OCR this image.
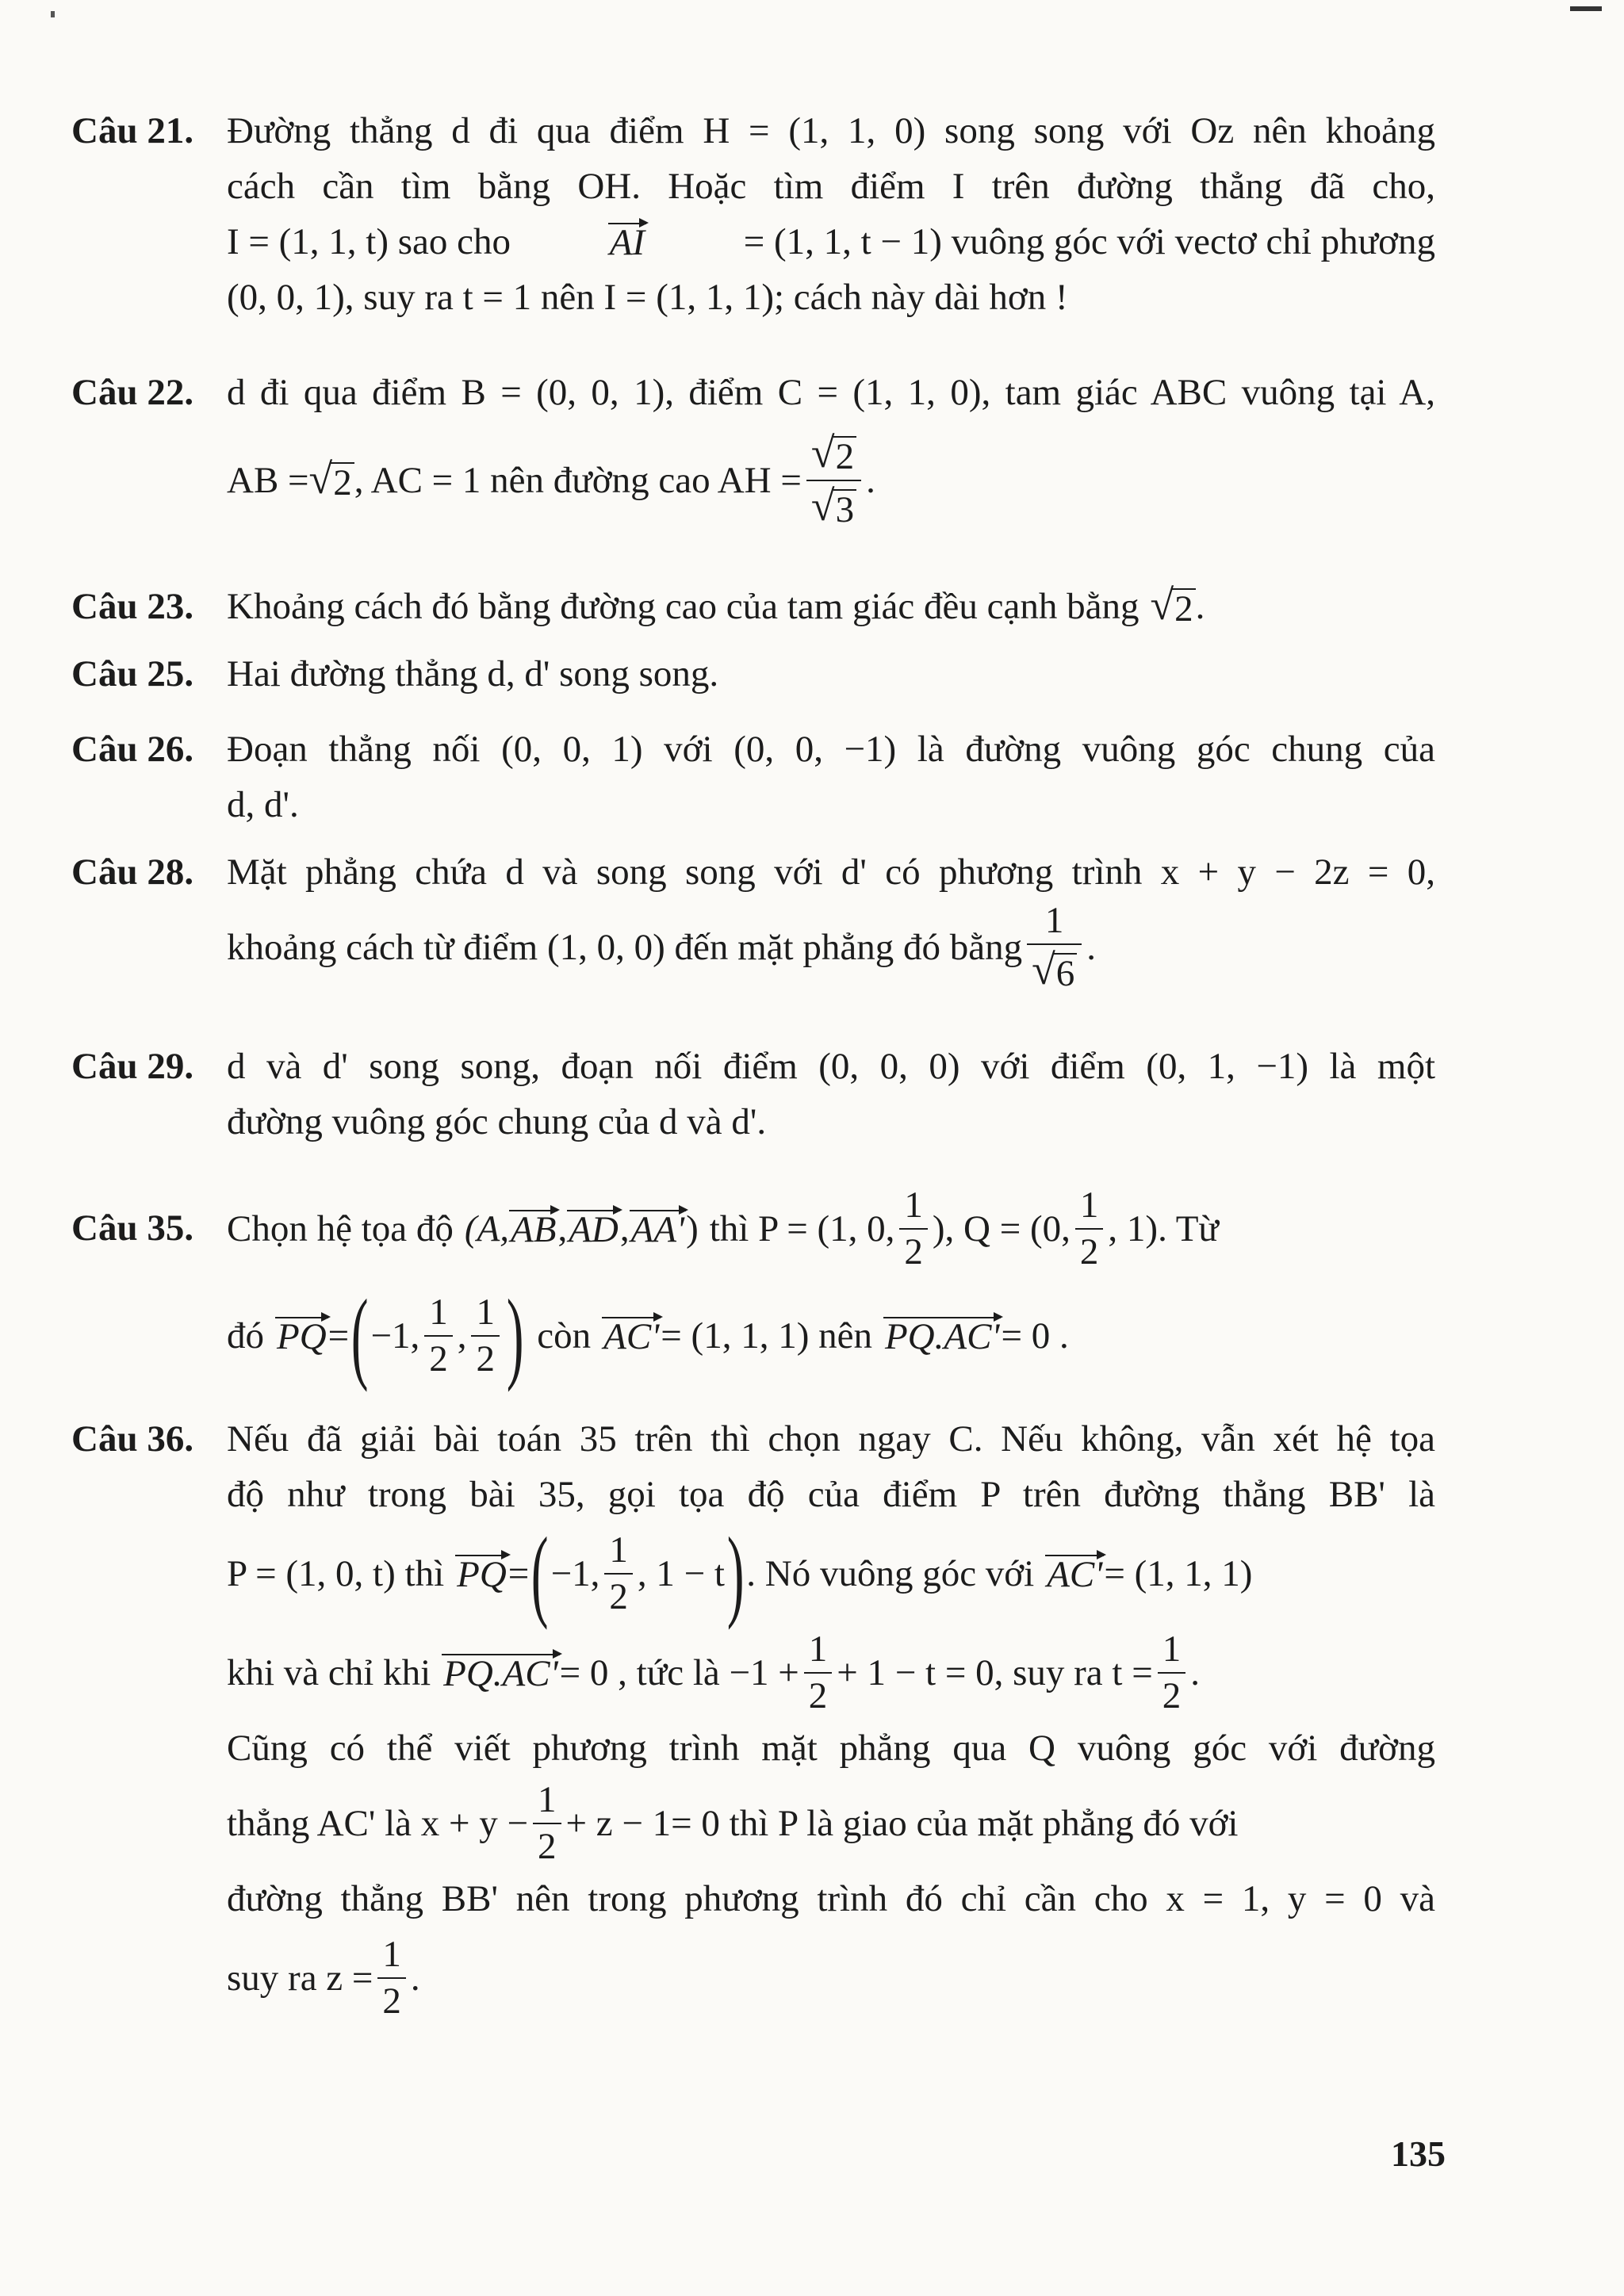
Câu 21. Đường thẳng d đi qua điểm H = (1, 1, 0) song song với Oz nên khoảng
cách cần tìm bằng OH. Hoặc tìm điểm I trên đường thẳng đã cho,
I = (1, 1, t) sao cho	AI	= (1, 1, t − 1) vuông góc với vectơ chỉ phương
(0, 0, 1), suy ra t = 1 nên I = (1, 1, 1); cách này dài hơn !
Câu 22. d đi qua điểm B = (0, 0, 1), điểm C = (1, 1, 0), tam giác ABC vuông tại A,
AB = √ 2 , AC = 1 nên đường cao AH = $\frac{√ 2}{√ 3}$ .
Câu 23. Khoảng cách đó bằng đường cao của tam giác đều cạnh bằng √ 2 .
Câu 25. Hai đường thẳng d, d' song song.
Câu 26. Đoạn thẳng nối (0, 0, 1) với (0, 0, −1) là đường vuông góc chung của
d, d'.
Câu 28. Mặt phẳng chứa d và song song với d' có phương trình x + y − 2z = 0,
khoảng cách từ điểm (1, 0, 0) đến mặt phẳng đó bằng $\frac{1}{√ 6}$ .
Câu 29. d và d' song song, đoạn nối điểm (0, 0, 0) với điểm (0, 1, −1) là một
đường vuông góc chung của d và d'.
Câu 35. Chọn hệ tọa độ (A, AB , AD , AA' ) thì P = (1, 0, $\frac{1}{2}$ ), Q = (0, $\frac{1}{2}$ , 1). Từ
đó PQ = ( −1, $\frac{1}{2}$ , $\frac{1}{2}$ ) còn AC' = (1, 1, 1) nên PQ.AC' = 0 .
Câu 36. Nếu đã giải bài toán 35 trên thì chọn ngay C. Nếu không, vẫn xét hệ tọa
độ như trong bài 35, gọi tọa độ của điểm P trên đường thẳng BB' là
P = (1, 0, t) thì PQ = ( −1, $\frac{1}{2}$ , 1 − t ) . Nó vuông góc với AC' = (1, 1, 1)
khi và chỉ khi PQ.AC' = 0 , tức là $-1 + \frac{1}{2} + 1 - t = 0$, suy ra $t = \frac{1}{2}$ .
Cũng có thể viết phương trình mặt phẳng qua Q vuông góc với đường
thẳng AC' là $x + y - \frac{1}{2} + z - 1= 0$ thì P là giao của mặt phẳng đó với
đường thẳng BB' nên trong phương trình đó chỉ cần cho x = 1, y = 0 và
suy ra $z = \frac{1}{2}$ .
135
